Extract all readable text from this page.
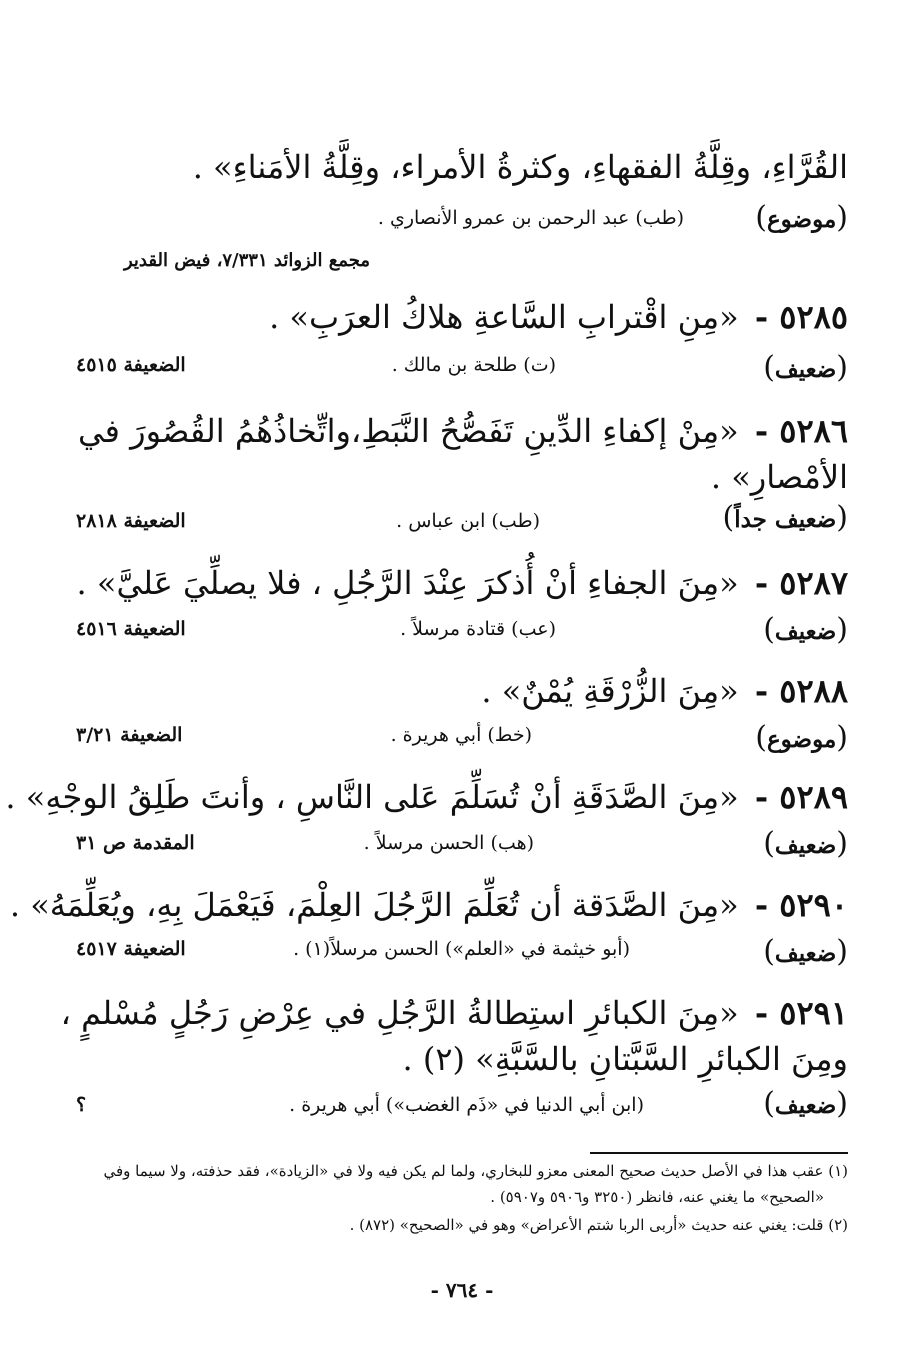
القُرَّاءِ، وقِلَّةُ الفقهاءِ، وكثرةُ الأمراء، وقِلَّةُ الأمَناءِ» .
(موضوع)
(طب) عبد الرحمن بن عمرو الأنصاري .
مجمع الزوائد ٧/٣٣١، فيض القدير
٥٢٨٥ - «مِنِ اقْترابِ السَّاعةِ هلاكُ العرَبِ» .
(ضعيف)
(ت) طلحة بن مالك .
الضعيفة ٤٥١٥
٥٢٨٦ - «مِنْ إكفاءِ الدِّينِ تَفَصُّحُ النَّبَطِ،واتِّخاذُهُمُ القُصُورَ في
الأمْصارِ» .
(ضعيف جداً)
(طب) ابن عباس .
الضعيفة ٢٨١٨
٥٢٨٧ - «مِنَ الجفاءِ أنْ أُذكرَ عِنْدَ الرَّجُلِ ، فلا يصلِّيَ عَليَّ» .
(ضعيف)
(عب) قتادة مرسلاً .
الضعيفة ٤٥١٦
٥٢٨٨ - «مِنَ الزُّرْقَةِ يُمْنٌ» .
(موضوع)
(خط) أبي هريرة .
الضعيفة ٣/٢١
٥٢٨٩ - «مِنَ الصَّدَقَةِ أنْ تُسَلِّمَ عَلى النَّاسِ ، وأنتَ طَلِقُ الوجْهِ» .
(ضعيف)
(هب) الحسن مرسلاً .
المقدمة ص ٣١
٥٢٩٠ - «مِنَ الصَّدَقة أن تُعَلِّمَ الرَّجُلَ العِلْمَ، فَيَعْمَلَ بِهِ، ويُعَلِّمَهُ» .
(ضعيف)
(أبو خيثمة في «العلم») الحسن مرسلاً(١) .
الضعيفة ٤٥١٧
٥٢٩١ - «مِنَ الكبائرِ استِطالةُ الرَّجُلِ في عِرْضِ رَجُلٍ مُسْلمٍ ،
ومِنَ الكبائرِ السَّبَّتانِ بالسَّبَّةِ» (٢) .
(ضعيف)
(ابن أبي الدنيا في «ذَم الغضب») أبي هريرة .
؟
(١) عقب هذا في الأصل حديث صحيح المعنى معزو للبخاري، ولما لم يكن فيه ولا في «الزيادة»، فقد حذفته، ولا سيما وفي
«الصحيح» ما يغني عنه، فانظر (٣٢٥٠ و٥٩٠٦ و٥٩٠٧) .
(٢) قلت: يغني عنه حديث «أربى الربا شتم الأعراض» وهو في «الصحيح» (٨٧٢) .
- ٧٦٤ -
